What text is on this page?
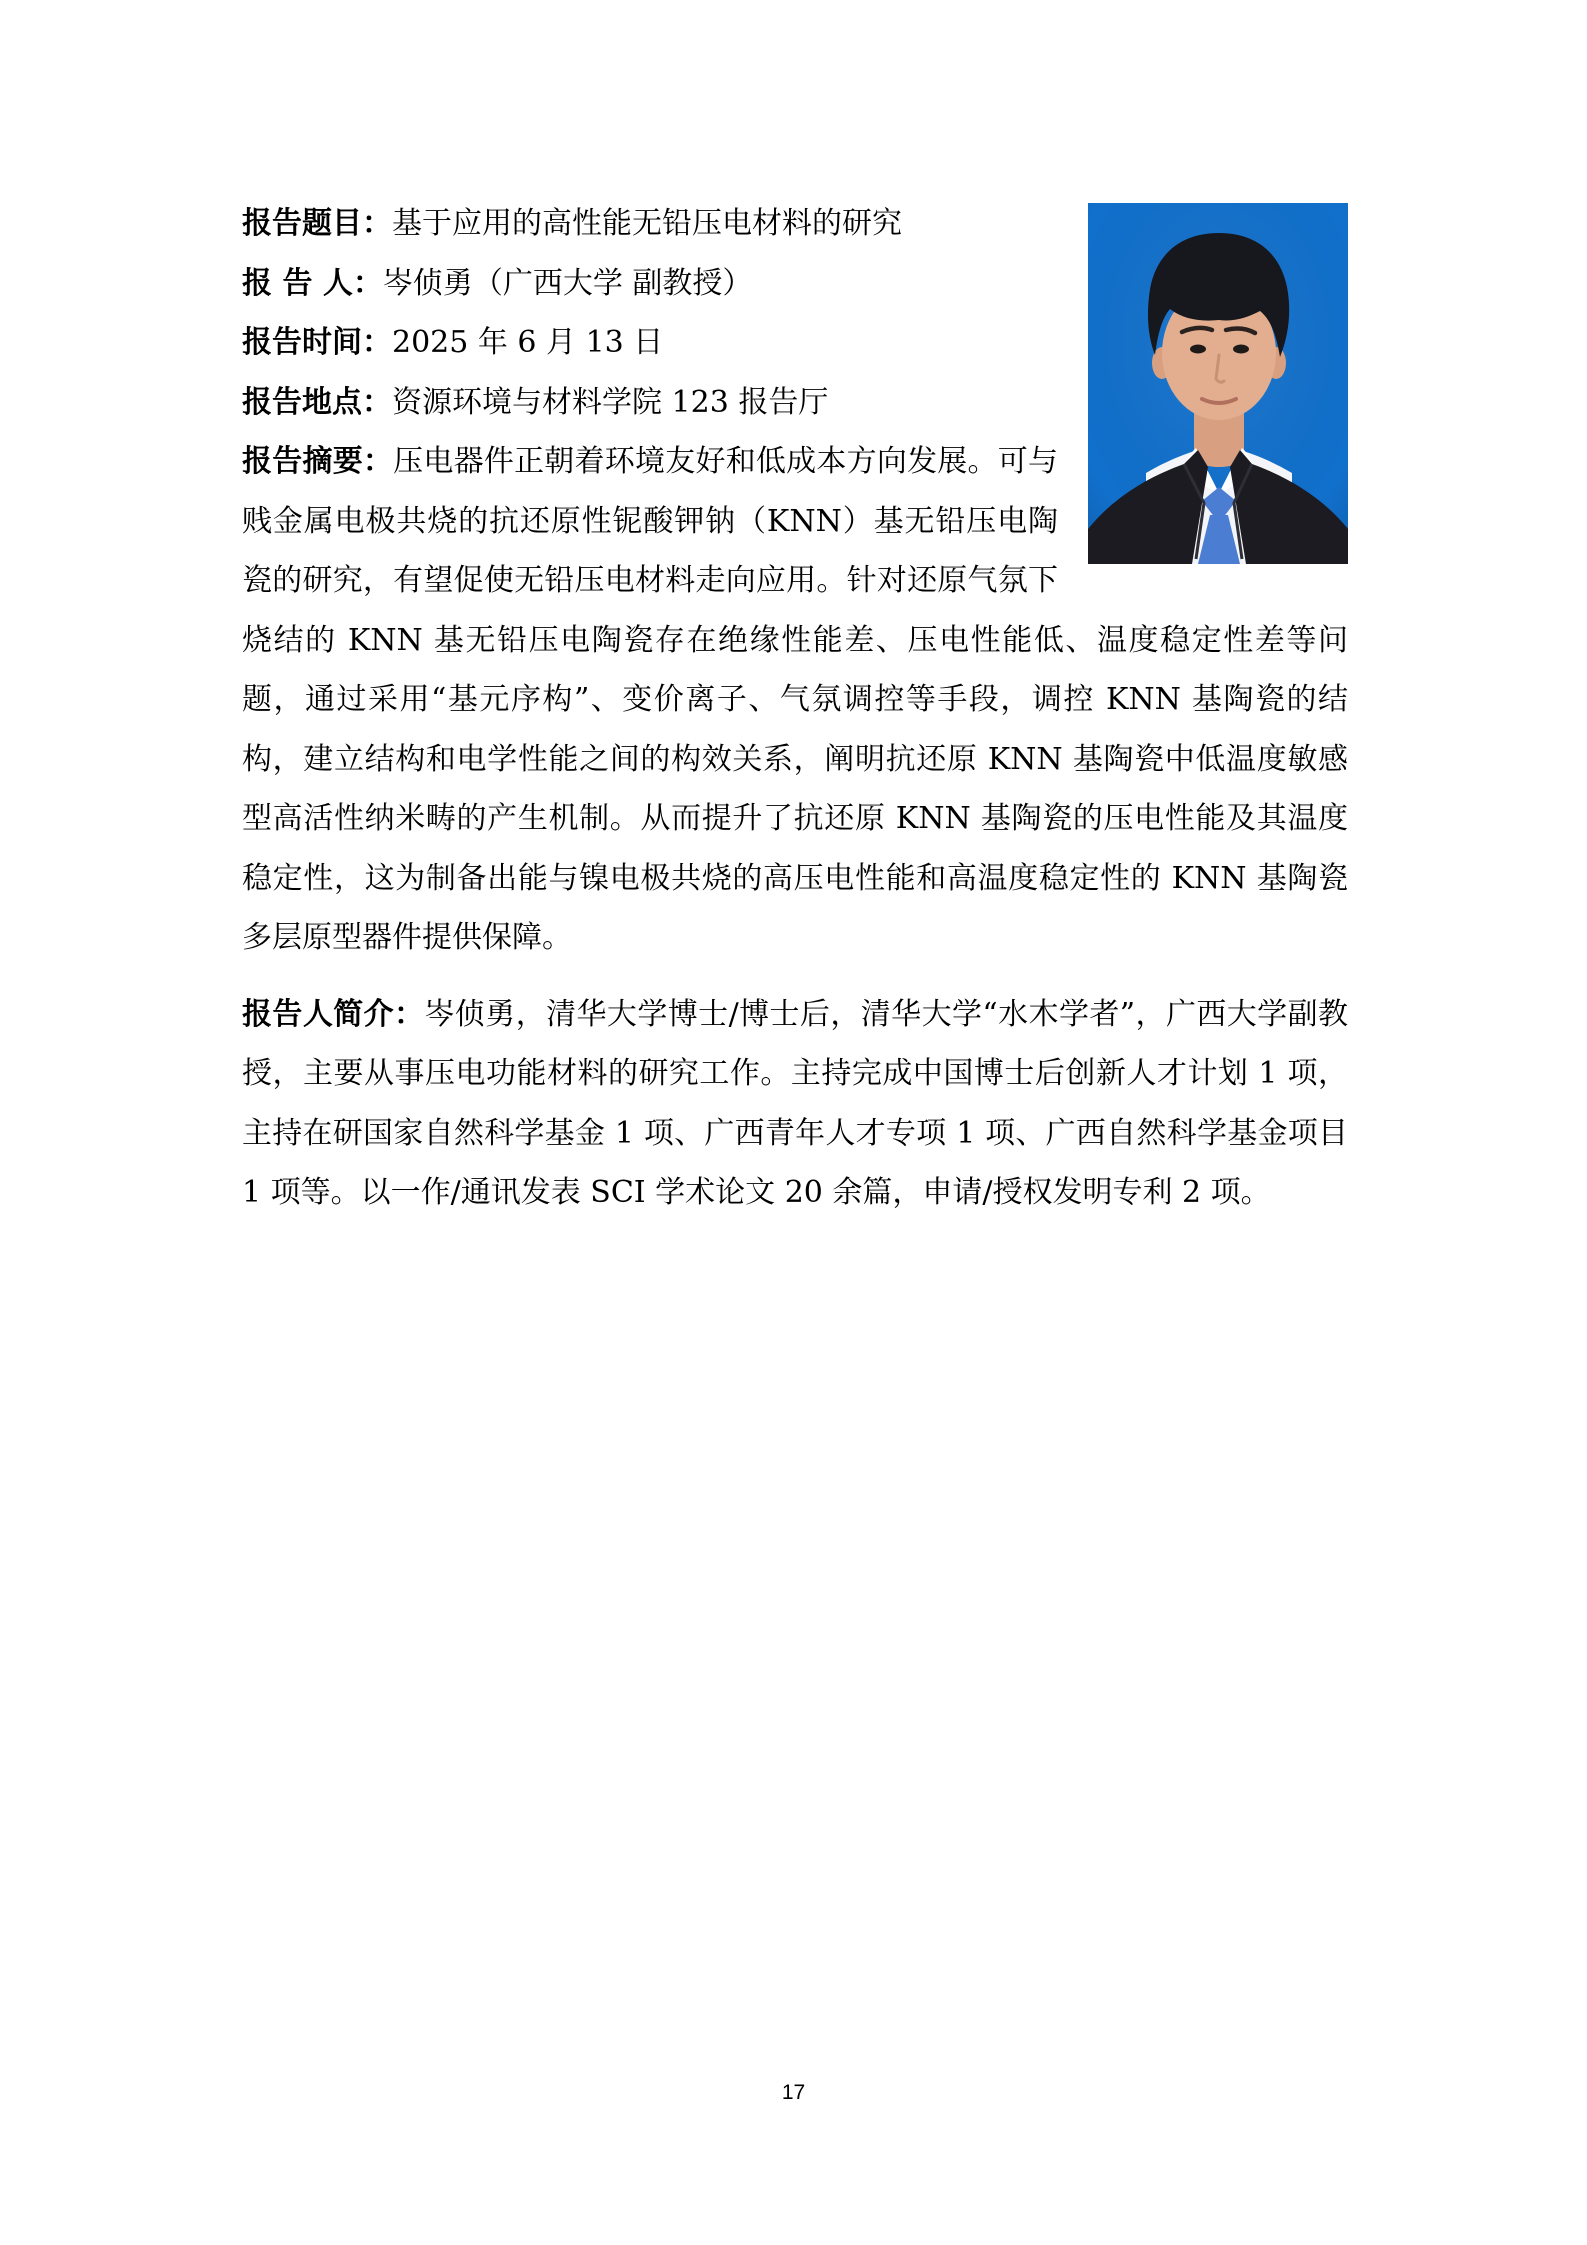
报告题目：基于应用的高性能无铅压电材料的研究

报 告 人：岑侦勇（广西大学 副教授）

报告时间：2025 年 6 月 13 日

报告地点：资源环境与材料学院 123 报告厅

报告摘要：压电器件正朝着环境友好和低成本方向发展。可与贱金属电极共烧的抗还原性铌酸钾钠（KNN）基无铅压电陶瓷的研究，有望促使无铅压电材料走向应用。针对还原气氛下烧结的 KNN 基无铅压电陶瓷存在绝缘性能差、压电性能低、温度稳定性差等问题，通过采用“基元序构”、变价离子、气氛调控等手段，调控 KNN 基陶瓷的结构，建立结构和电学性能之间的构效关系，阐明抗还原 KNN 基陶瓷中低温度敏感型高活性纳米畴的产生机制。从而提升了抗还原 KNN 基陶瓷的压电性能及其温度稳定性，这为制备出能与镍电极共烧的高压电性能和高温度稳定性的 KNN 基陶瓷多层原型器件提供保障。

报告人简介：岑侦勇，清华大学博士/博士后，清华大学“水木学者”，广西大学副教授，主要从事压电功能材料的研究工作。主持完成中国博士后创新人才计划 1 项，主持在研国家自然科学基金 1 项、广西青年人才专项 1 项、广西自然科学基金项目 1 项等。以一作/通讯发表 SCI 学术论文 20 余篇，申请/授权发明专利 2 项。

17
